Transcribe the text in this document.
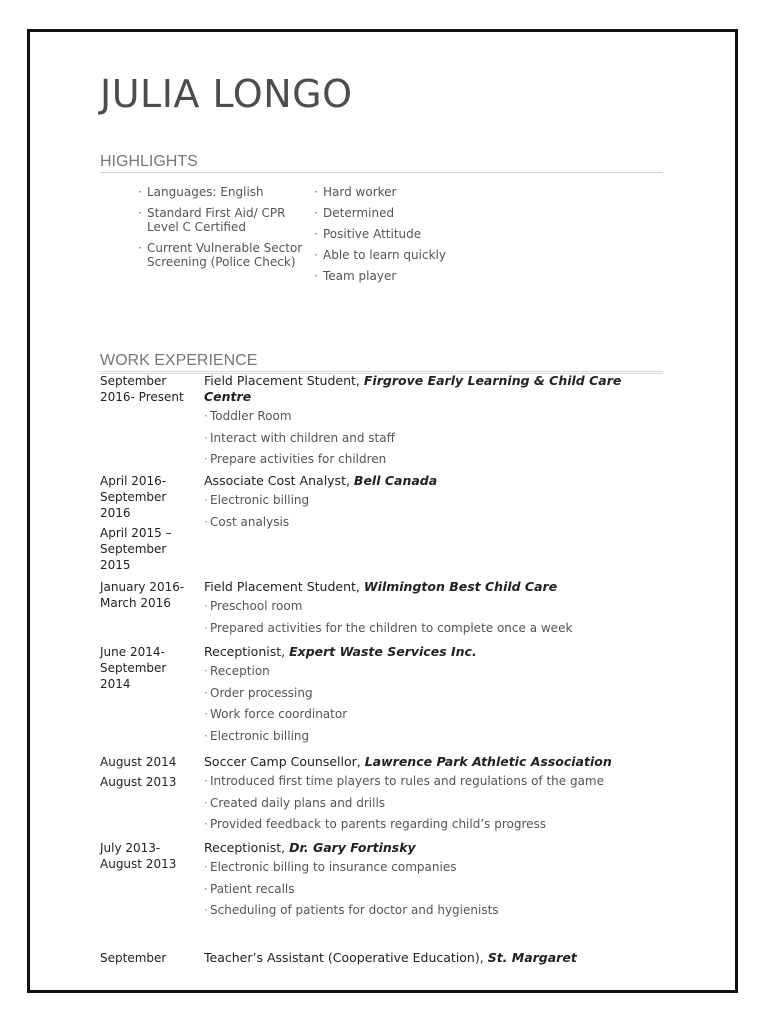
JULIA LONGO
HIGHLIGHTS
· Languages: English
· Standard First Aid/ CPR Level C Certified
· Current Vulnerable Sector Screening (Police Check)
· Hard worker
· Determined
· Positive Attitude
· Able to learn quickly
· Team player
WORK EXPERIENCE
September 2016- Present
Field Placement Student, Firgrove Early Learning & Child Care Centre
· Toddler Room
· Interact with children and staff
· Prepare activities for children
April 2016- September 2016
April 2015 – September 2015
Associate Cost Analyst, Bell Canada
· Electronic billing
· Cost analysis
January 2016- March 2016
Field Placement Student, Wilmington Best Child Care
· Preschool room
· Prepared activities for the children to complete once a week
June 2014- September 2014
Receptionist, Expert Waste Services Inc.
· Reception
· Order processing
· Work force coordinator
· Electronic billing
August 2014
August 2013
Soccer Camp Counsellor, Lawrence Park Athletic Association
· Introduced first time players to rules and regulations of the game
· Created daily plans and drills
· Provided feedback to parents regarding child’s progress
July 2013- August 2013
Receptionist, Dr. Gary Fortinsky
· Electronic billing to insurance companies
· Patient recalls
· Scheduling of patients for doctor and hygienists
September	Teacher’s Assistant (Cooperative Education), St. Margaret
